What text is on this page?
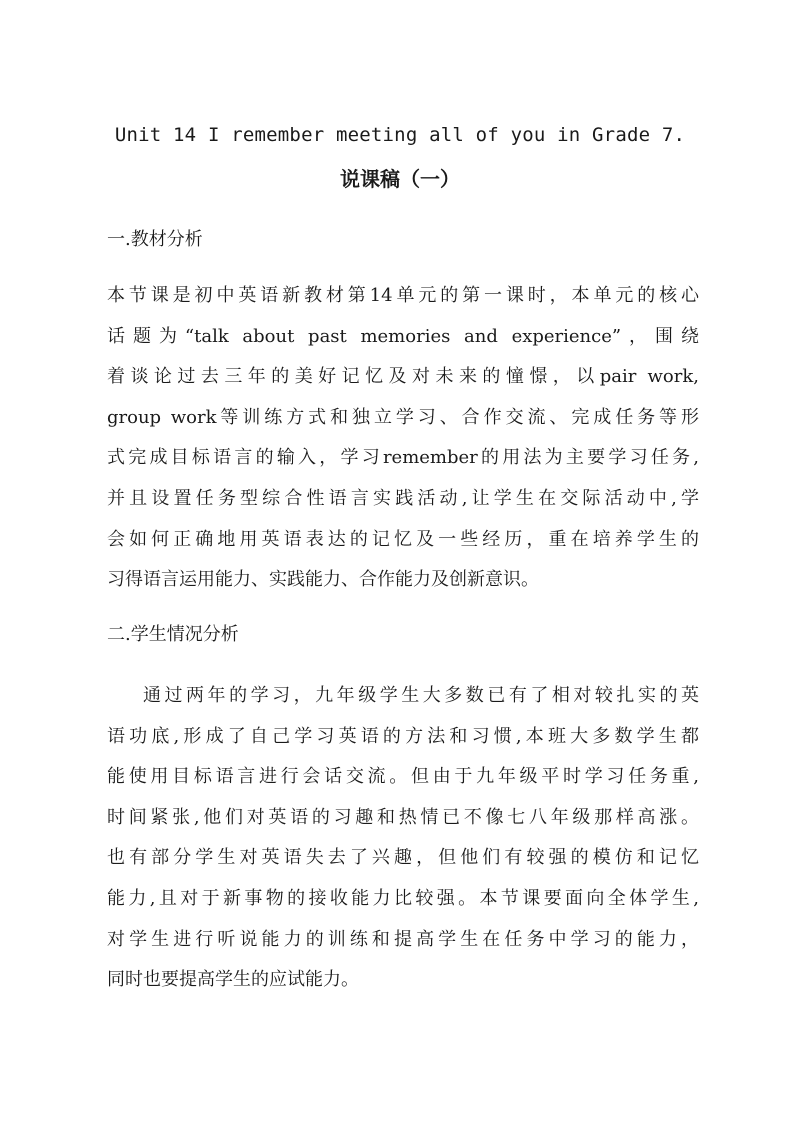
Unit 14 I remember meeting all of you in Grade 7.
说课稿（一）
一.教材分析
本节课是初中英语新教材第14单元的第一课时，本单元的核心
话题为“talk about past memories and experience”，围绕
着谈论过去三年的美好记忆及对未来的憧憬，以pair work,
group work等训练方式和独立学习、合作交流、完成任务等形
式完成目标语言的输入，学习remember的用法为主要学习任务,
并且设置任务型综合性语言实践活动,让学生在交际活动中,学
会如何正确地用英语表达的记忆及一些经历，重在培养学生的
习得语言运用能力、实践能力、合作能力及创新意识。
二.学生情况分析
通过两年的学习，九年级学生大多数已有了相对较扎实的英
语功底,形成了自己学习英语的方法和习惯,本班大多数学生都
能使用目标语言进行会话交流。但由于九年级平时学习任务重,
时间紧张,他们对英语的习趣和热情已不像七八年级那样高涨。
也有部分学生对英语失去了兴趣，但他们有较强的模仿和记忆
能力,且对于新事物的接收能力比较强。本节课要面向全体学生,
对学生进行听说能力的训练和提高学生在任务中学习的能力，
同时也要提高学生的应试能力。
